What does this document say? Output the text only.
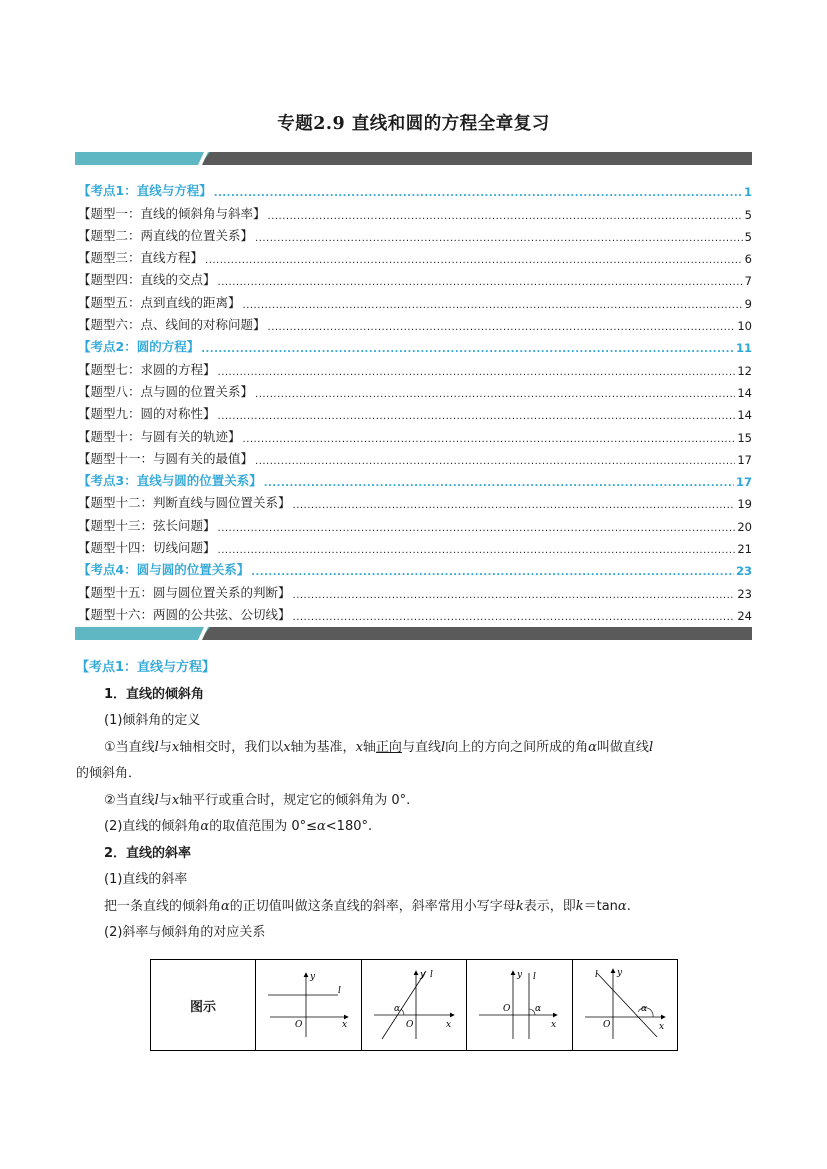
专题2.9 直线和圆的方程全章复习
【考点1：直线与方程】 .....	1
【题型一：直线的倾斜角与斜率】 .....	5
【题型二：两直线的位置关系】 .....	5
【题型三：直线方程】 .....	6
【题型四：直线的交点】 .....	7
【题型五：点到直线的距离】 .....	9
【题型六：点、线间的对称问题】 .....	10
【考点2：圆的方程】 .....	11
【题型七：求圆的方程】 .....	12
【题型八：点与圆的位置关系】 .....	14
【题型九：圆的对称性】 .....	14
【题型十：与圆有关的轨迹】 .....	15
【题型十一：与圆有关的最值】 .....	17
【考点3：直线与圆的位置关系】 .....	17
【题型十二：判断直线与圆位置关系】 .....	19
【题型十三：弦长问题】 .....	20
【题型十四：切线问题】 .....	21
【考点4：圆与圆的位置关系】 .....	23
【题型十五：圆与圆位置关系的判断】 .....	23
【题型十六：两圆的公共弦、公切线】 .....	24

【考点1：直线与方程】

1．直线的倾斜角

(1)倾斜角的定义

①当直线l与x轴相交时，我们以x轴为基准，x轴正向与直线l向上的方向之间所成的角α叫做直线l

的倾斜角．

②当直线l与x轴平行或重合时，规定它的倾斜角为 0°.

(2)直线的倾斜角α的取值范围为 0°≤α<180°.

2．直线的斜率

(1)直线的斜率

把一条直线的倾斜角α的正切值叫做这条直线的斜率，斜率常用小写字母k表示，即k＝tanα.

(2)斜率与倾斜角的对应关系

图示	
y
l
O	x

y l
α
O	x

y l
α
O
x

y
l
α
O	x
